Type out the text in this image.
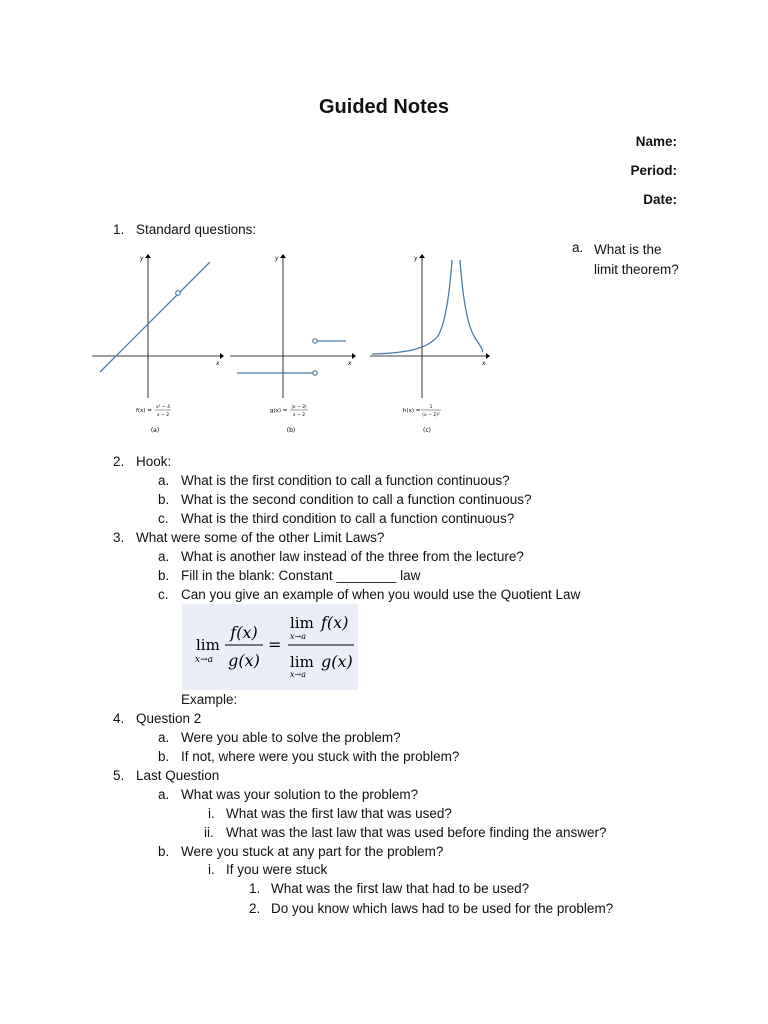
Guided Notes
Name:
Period:
Date:
1. Standard questions:
x
y
f(x) =
x² − 4
x − 2
(a)
x
y
g(x) =
|x − 2|
x − 2
(b)
x
y
h(x) =
1
(x − 2)²
(c)
a. What is the limit theorem?
2. Hook:
a. What is the first condition to call a function continuous?
b. What is the second condition to call a function continuous?
c. What is the third condition to call a function continuous?
3. What were some of the other Limit Laws?
a. What is another law instead of the three from the lecture?
b. Fill in the blank: Constant ________ law
c. Can you give an example of when you would use the Quotient Law
lim
x→a
f(x)
g(x)
=
lim
x→a
f(x)
lim
x→a
g(x)
Example:
4. Question 2
a. Were you able to solve the problem?
b. If not, where were you stuck with the problem?
5. Last Question
a. What was your solution to the problem?
i. What was the first law that was used?
ii. What was the last law that was used before finding the answer?
b. Were you stuck at any part for the problem?
i. If you were stuck
1. What was the first law that had to be used?
2. Do you know which laws had to be used for the problem?
